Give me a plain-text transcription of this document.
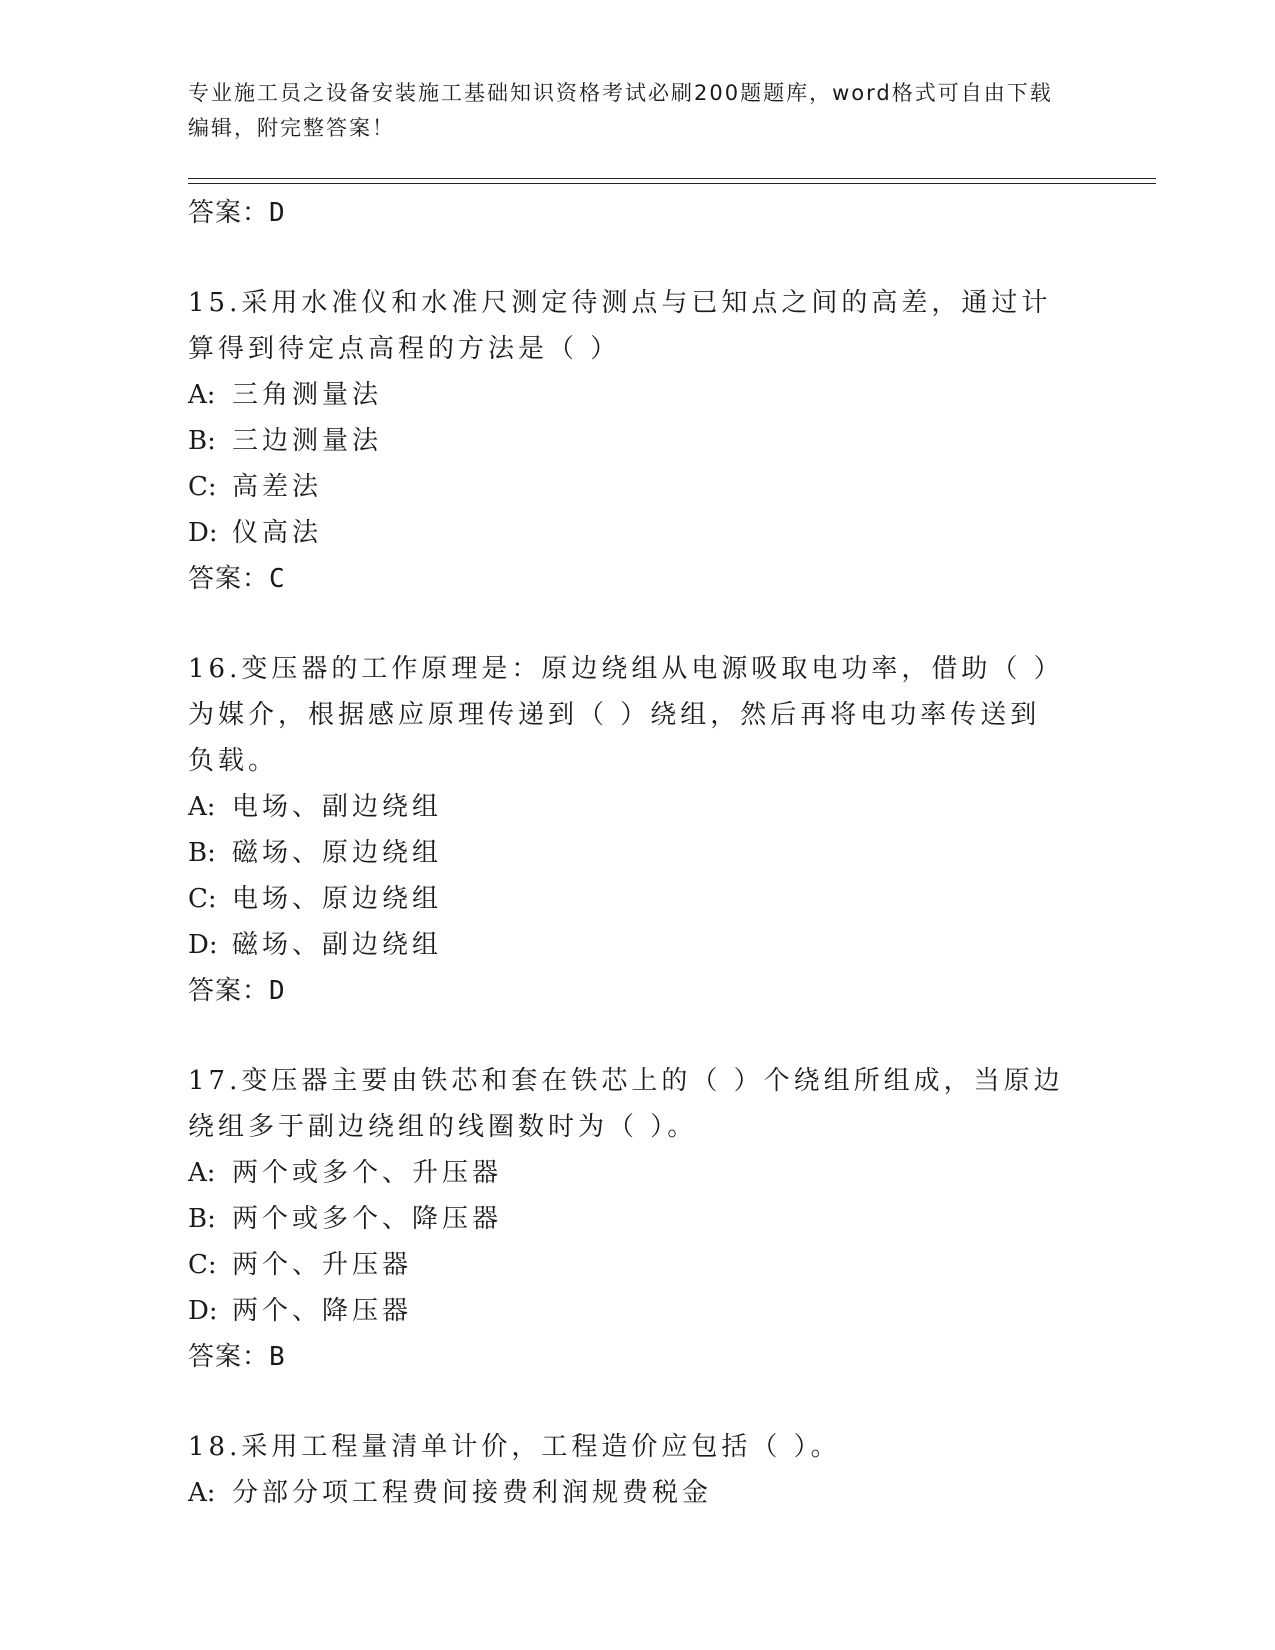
专业施工员之设备安装施工基础知识资格考试必刷200题题库，word格式可自由下载编辑，附完整答案！
答案：D
15.采用水准仪和水准尺测定待测点与已知点之间的高差，通过计算得到待定点高程的方法是（ ）
A: 三角测量法
B: 三边测量法
C: 高差法
D: 仪高法
答案：C
16.变压器的工作原理是：原边绕组从电源吸取电功率，借助（ ）为媒介，根据感应原理传递到（ ）绕组，然后再将电功率传送到负载。
A: 电场、副边绕组
B: 磁场、原边绕组
C: 电场、原边绕组
D: 磁场、副边绕组
答案：D
17.变压器主要由铁芯和套在铁芯上的（ ）个绕组所组成，当原边绕组多于副边绕组的线圈数时为（ ）。
A: 两个或多个、升压器
B: 两个或多个、降压器
C: 两个、升压器
D: 两个、降压器
答案：B
18.采用工程量清单计价，工程造价应包括（ ）。
A: 分部分项工程费间接费利润规费税金
